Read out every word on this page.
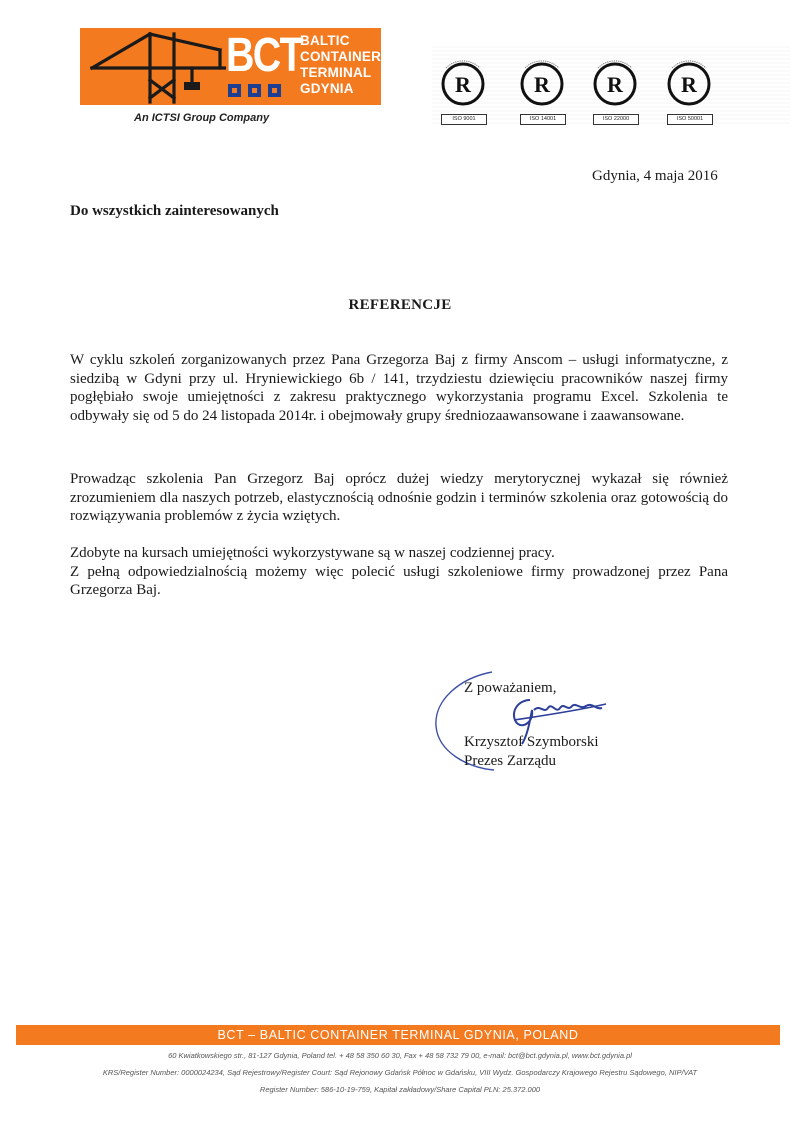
BCT
BALTIC
CONTAINER
TERMINAL
GDYNIA
An ICTSI Group Company
R
ISO 9001
R
ISO 14001
R
ISO 22000
R
ISO 50001
Gdynia, 4 maja 2016
Do wszystkich zainteresowanych
REFERENCJE
W cyklu szkoleń zorganizowanych przez Pana Grzegorza Baj z firmy Anscom – usługi informatyczne, z siedzibą w Gdyni przy ul. Hryniewickiego 6b / 141, trzydziestu dziewięciu pracowników naszej firmy pogłębiało swoje umiejętności z zakresu praktycznego wykorzystania programu Excel. Szkolenia te odbywały się od 5 do 24 listopada 2014r. i obejmowały grupy średniozaawansowane i zaawansowane.
Prowadząc szkolenia Pan Grzegorz Baj oprócz dużej wiedzy merytorycznej wykazał się również zrozumieniem dla naszych potrzeb, elastycznością odnośnie godzin i terminów szkolenia oraz gotowością do rozwiązywania problemów z życia wziętych.
Zdobyte na kursach umiejętności wykorzystywane są w naszej codziennej pracy.
Z pełną odpowiedzialnością możemy więc polecić usługi szkoleniowe firmy prowadzonej przez Pana Grzegorza Baj.
Z poważaniem,
Krzysztof Szymborski
Prezes Zarządu
BCT – BALTIC CONTAINER TERMINAL GDYNIA, POLAND
60 Kwiatkowskiego str., 81-127 Gdynia, Poland tel. + 48 58 350 60 30, Fax + 48 58 732 79 00, e-mail: bct@bct.gdynia.pl, www.bct.gdynia.pl
KRS/Register Number: 0000024234, Sąd Rejestrowy/Register Court: Sąd Rejonowy Gdańsk Północ w Gdańsku, VIII Wydz. Gospodarczy Krajowego Rejestru Sądowego, NIP/VAT
Register Number: 586-10-19-759, Kapitał zakładowy/Share Capital PLN: 25.372.000
